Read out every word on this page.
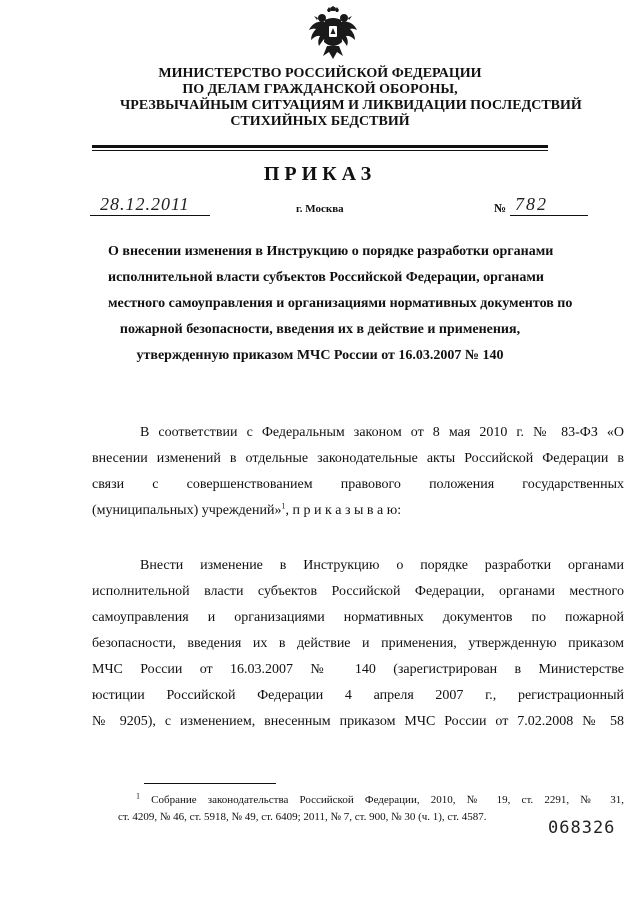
МИНИСТЕРСТВО РОССИЙСКОЙ ФЕДЕРАЦИИ
ПО ДЕЛАМ ГРАЖДАНСКОЙ ОБОРОНЫ,
ЧРЕЗВЫЧАЙНЫМ СИТУАЦИЯМ И ЛИКВИДАЦИИ ПОСЛЕДСТВИЙ
СТИХИЙНЫХ БЕДСТВИЙ
ПРИКАЗ
28.12.2011	г. Москва	№ 782
О внесении изменения в Инструкцию о порядке разработки органами
исполнительной власти субъектов Российской Федерации, органами
местного самоуправления и организациями нормативных документов по
пожарной безопасности, введения их в действие и применения,
утвержденную приказом МЧС России от 16.03.2007 № 140
В соответствии с Федеральным законом от 8 мая 2010 г. № 83-ФЗ «О
внесении изменений в отдельные законодательные акты Российской Федерации в
связи с совершенствованием правового положения государственных
(муниципальных) учреждений»$^1$, п р и к а з ы в а ю:
Внести изменение в Инструкцию о порядке разработки органами
исполнительной власти субъектов Российской Федерации, органами местного
самоуправления и организациями нормативных документов по пожарной
безопасности, введения их в действие и применения, утвержденную приказом
МЧС России от 16.03.2007 № 140 (зарегистрирован в Министерстве
юстиции Российской Федерации 4 апреля 2007 г., регистрационный
№ 9205), с изменением, внесенным приказом МЧС России от 7.02.2008 № 58
$^1$ Собрание законодательства Российской Федерации, 2010, № 19, ст. 2291, № 31,
ст. 4209, № 46, ст. 5918, № 49, ст. 6409; 2011, № 7, ст. 900, № 30 (ч. 1), ст. 4587.
068326
